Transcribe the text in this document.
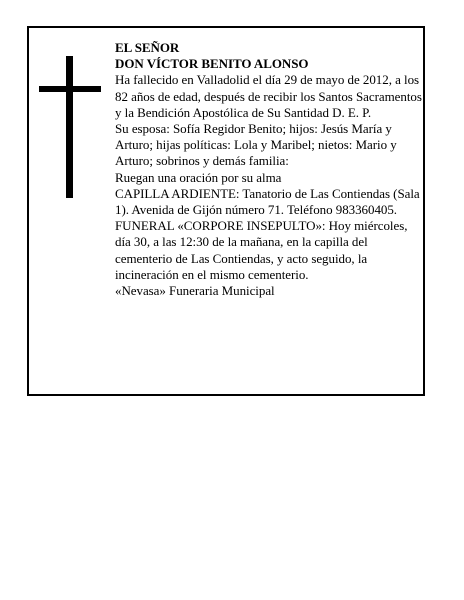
EL SEÑOR

DON VÍCTOR BENITO ALONSO

Ha fallecido en Valladolid el día 29 de mayo de 2012, a los 82 años de edad, después de recibir los Santos Sacramentos y la Bendición Apostólica de Su Santidad D. E. P.

Su esposa: Sofía Regidor Benito; hijos: Jesús María y Arturo; hijas políticas: Lola y Maribel; nietos: Mario y Arturo; sobrinos y demás familia:

Ruegan una oración por su alma

CAPILLA ARDIENTE: Tanatorio de Las Contiendas (Sala 1). Avenida de Gijón número 71. Teléfono 983360405.

FUNERAL «CORPORE INSEPULTO»: Hoy miércoles, día 30, a las 12:30 de la mañana, en la capilla del cementerio de Las Contiendas, y acto seguido, la incineración en el mismo cementerio.

«Nevasa» Funeraria Municipal
